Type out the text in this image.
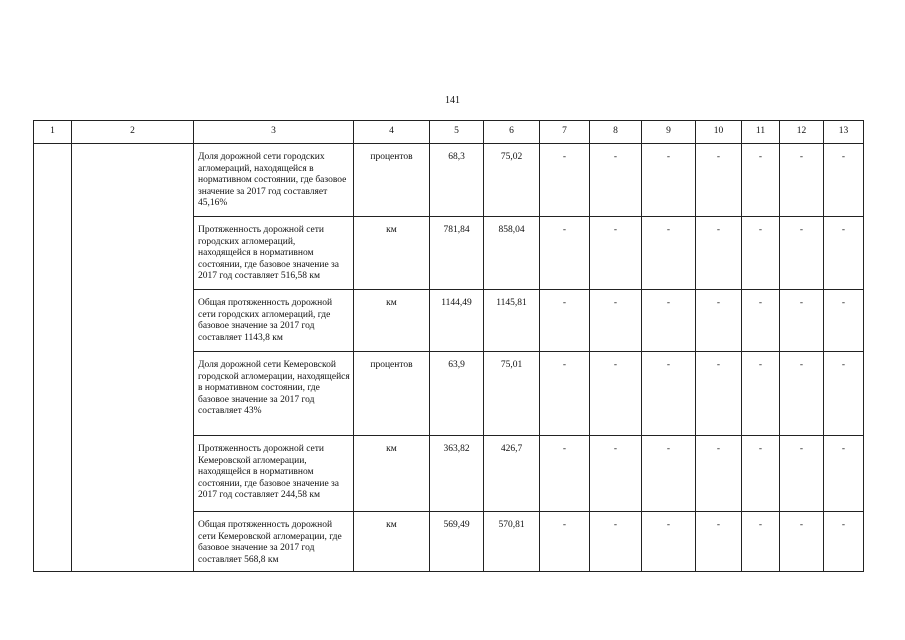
141
1	2	3	4	5	6	7	8	9	10	11	12	13
		Доля дорожной сети городских агломераций, находящейся в нормативном состоянии, где базовое значение за 2017 год составляет 45,16%	процентов	68,3	75,02	-	-	-	-	-	-	-
		Протяженность дорожной сети городских агломераций, находящейся в нормативном состоянии, где базовое значение за 2017 год составляет 516,58 км	км	781,84	858,04	-	-	-	-	-	-	-
		Общая протяженность дорожной сети городских агломераций, где базовое значение за 2017 год составляет 1143,8 км	км	1144,49	1145,81	-	-	-	-	-	-	-
		Доля дорожной сети Кемеровской городской агломерации, находящейся в нормативном состоянии, где базовое значение за 2017 год составляет 43%	процентов	63,9	75,01	-	-	-	-	-	-	-
		Протяженность дорожной сети Кемеровской агломерации, находящейся в нормативном состоянии, где базовое значение за 2017 год составляет 244,58 км	км	363,82	426,7	-	-	-	-	-	-	-
		Общая протяженность дорожной сети Кемеровской агломерации, где базовое значение за 2017 год составляет 568,8 км	км	569,49	570,81	-	-	-	-	-	-	-
